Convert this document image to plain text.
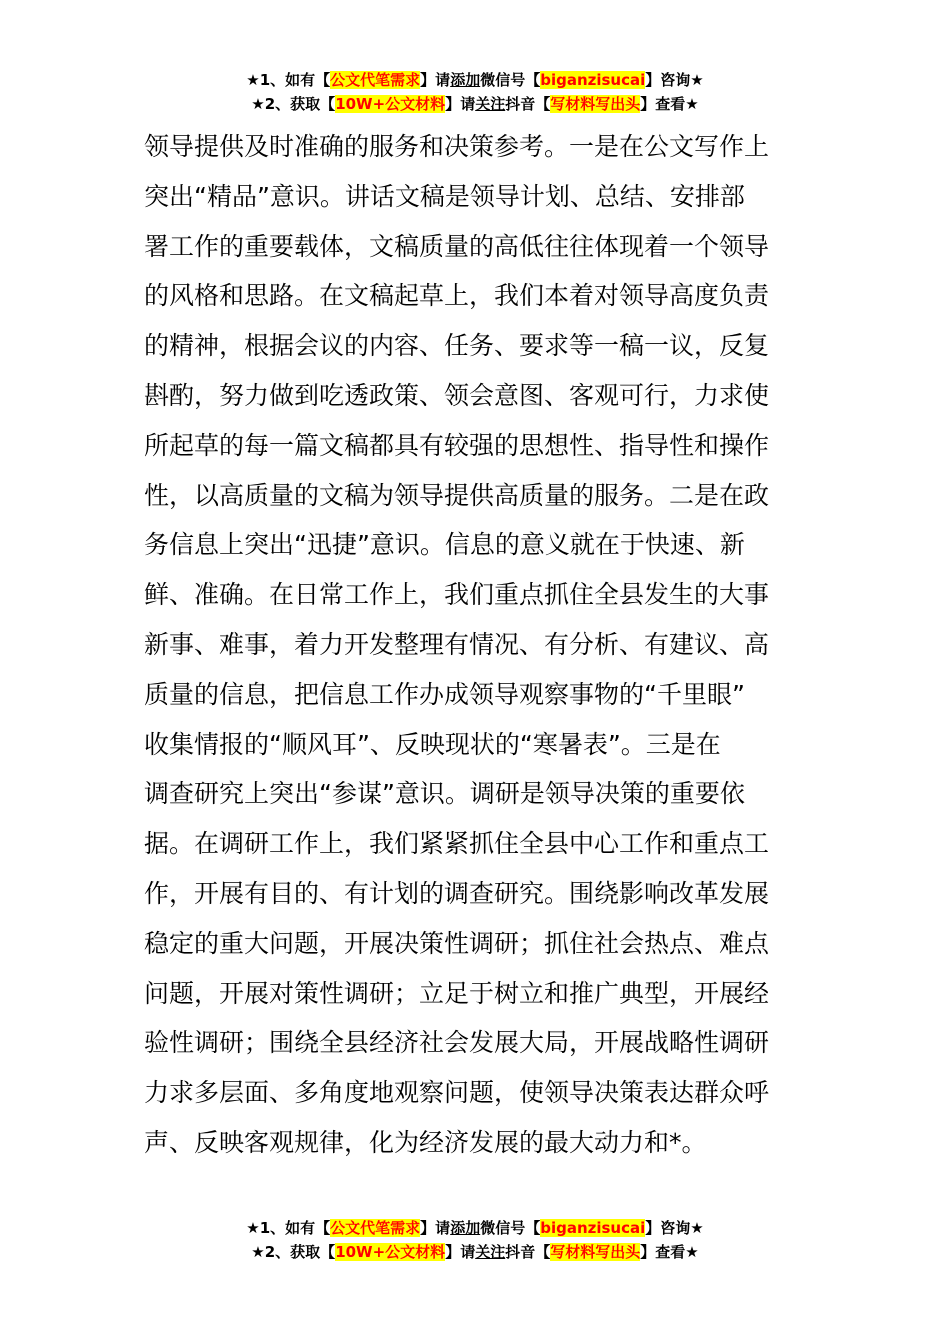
★1、如有【公文代笔需求】请添加微信号【biganzisucai】咨询★
★2、获取【10W+公文材料】请关注抖音【写材料写出头】查看★
领导提供及时准确的服务和决策参考。一是在公文写作上
突出“精品”意识。讲话文稿是领导计划、总结、安排部
署工作的重要载体，文稿质量的高低往往体现着一个领导
的风格和思路。在文稿起草上，我们本着对领导高度负责
的精神，根据会议的内容、任务、要求等一稿一议，反复
斟酌，努力做到吃透政策、领会意图、客观可行，力求使
所起草的每一篇文稿都具有较强的思想性、指导性和操作
性，以高质量的文稿为领导提供高质量的服务。二是在政
务信息上突出“迅捷”意识。信息的意义就在于快速、新
鲜、准确。在日常工作上，我们重点抓住全县发生的大事
新事、难事，着力开发整理有情况、有分析、有建议、高
质量的信息，把信息工作办成领导观察事物的“千里眼”
收集情报的“顺风耳”、反映现状的“寒暑表”。三是在
调查研究上突出“参谋”意识。调研是领导决策的重要依
据。在调研工作上，我们紧紧抓住全县中心工作和重点工
作，开展有目的、有计划的调查研究。围绕影响改革发展
稳定的重大问题，开展决策性调研；抓住社会热点、难点
问题，开展对策性调研；立足于树立和推广典型，开展经
验性调研；围绕全县经济社会发展大局，开展战略性调研
力求多层面、多角度地观察问题，使领导决策表达群众呼
声、反映客观规律，化为经济发展的最大动力和*。
★1、如有【公文代笔需求】请添加微信号【biganzisucai】咨询★
★2、获取【10W+公文材料】请关注抖音【写材料写出头】查看★
